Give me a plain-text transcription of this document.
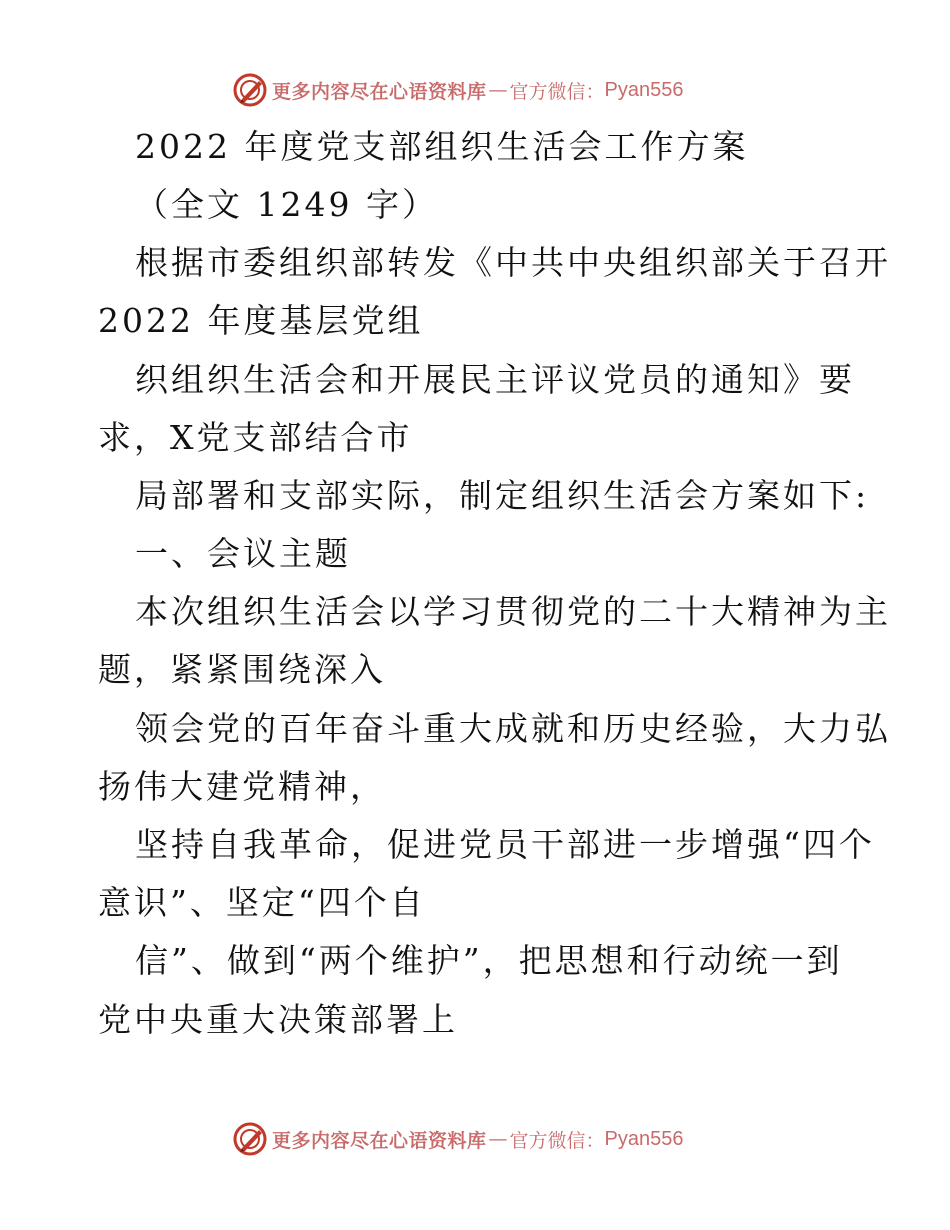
更多内容尽在心语资料库 — 官方微信： Pyan556
2022 年度党支部组织生活会工作方案
（全文 1249 字）
根据市委组织部转发《中共中央组织部关于召开
2022 年度基层党组
织组织生活会和开展民主评议党员的通知》要
求，X党支部结合市
局部署和支部实际，制定组织生活会方案如下:
一、会议主题
本次组织生活会以学习贯彻党的二十大精神为主
题，紧紧围绕深入
领会党的百年奋斗重大成就和历史经验，大力弘
扬伟大建党精神，
坚持自我革命，促进党员干部进一步增强“四个
意识”、坚定“四个自
信”、做到“两个维护”，把思想和行动统一到
党中央重大决策部署上
更多内容尽在心语资料库 — 官方微信： Pyan556
